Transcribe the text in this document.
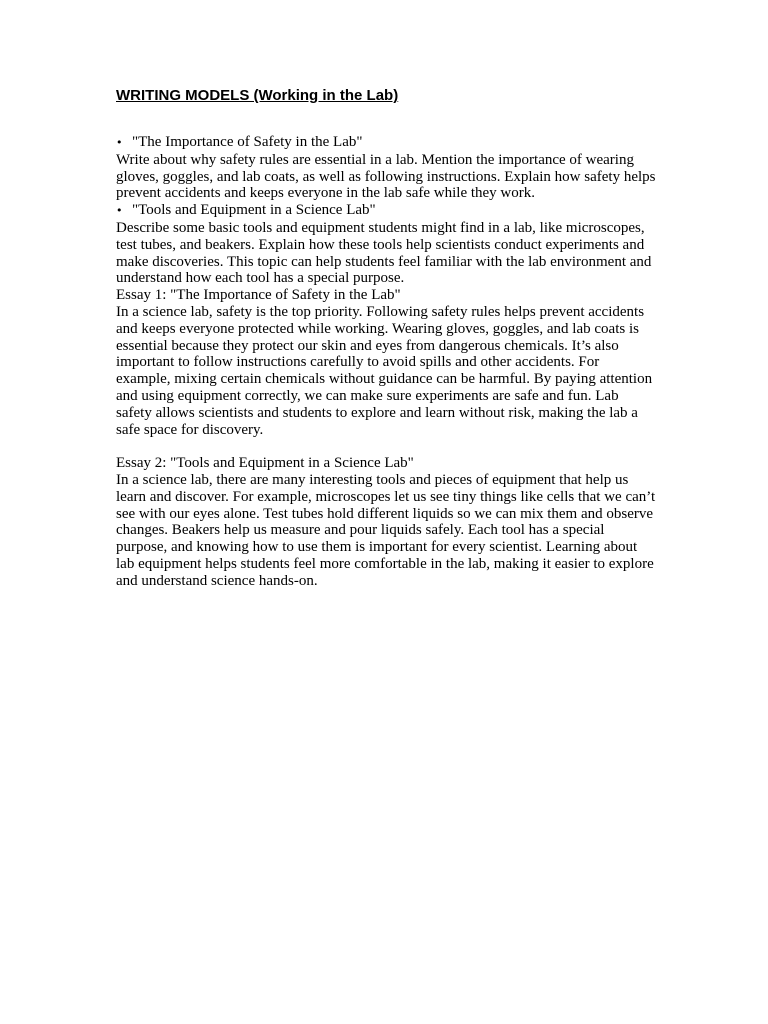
WRITING MODELS (Working in the Lab)
• "The Importance of Safety in the Lab"

Write about why safety rules are essential in a lab. Mention the importance of wearing gloves, goggles, and lab coats, as well as following instructions. Explain how safety helps prevent accidents and keeps everyone in the lab safe while they work.

• "Tools and Equipment in a Science Lab"

Describe some basic tools and equipment students might find in a lab, like microscopes, test tubes, and beakers. Explain how these tools help scientists conduct experiments and make discoveries. This topic can help students feel familiar with the lab environment and understand how each tool has a special purpose.

Essay 1: "The Importance of Safety in the Lab"

In a science lab, safety is the top priority. Following safety rules helps prevent accidents and keeps everyone protected while working. Wearing gloves, goggles, and lab coats is essential because they protect our skin and eyes from dangerous chemicals. It’s also important to follow instructions carefully to avoid spills and other accidents. For example, mixing certain chemicals without guidance can be harmful. By paying attention and using equipment correctly, we can make sure experiments are safe and fun. Lab safety allows scientists and students to explore and learn without risk, making the lab a safe space for discovery.

Essay 2: "Tools and Equipment in a Science Lab"

In a science lab, there are many interesting tools and pieces of equipment that help us learn and discover. For example, microscopes let us see tiny things like cells that we can’t see with our eyes alone. Test tubes hold different liquids so we can mix them and observe changes. Beakers help us measure and pour liquids safely. Each tool has a special purpose, and knowing how to use them is important for every scientist. Learning about lab equipment helps students feel more comfortable in the lab, making it easier to explore and understand science hands-on.
